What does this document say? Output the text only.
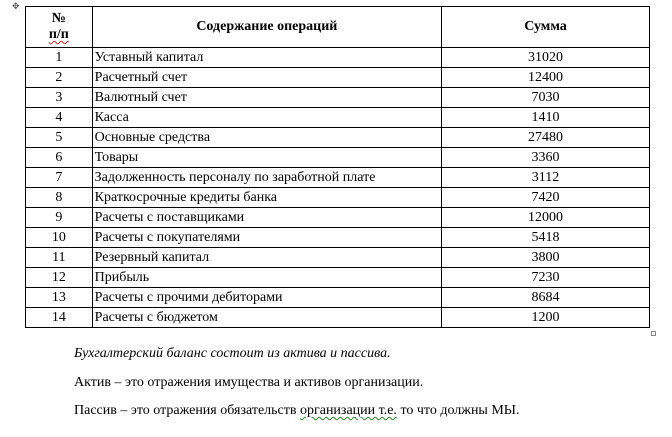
✥
№
п/п	Содержание операций	Сумма
1	Уставный капитал	31020
2	Расчетный счет	12400
3	Валютный счет	7030
4	Касса	1410
5	Основные средства	27480
6	Товары	3360
7	Задолженность персоналу по заработной плате	3112
8	Краткосрочные кредиты банка	7420
9	Расчеты с поставщиками	12000
10	Расчеты с покупателями	5418
11	Резервный капитал	3800
12	Прибыль	7230
13	Расчеты с прочими дебиторами	8684
14	Расчеты с бюджетом	1200

Бухгалтерский баланс состоит из актива и пассива.

Актив – это отражения имущества и активов организации.

Пассив – это отражения обязательств организации т.е. то что должны МЫ.
